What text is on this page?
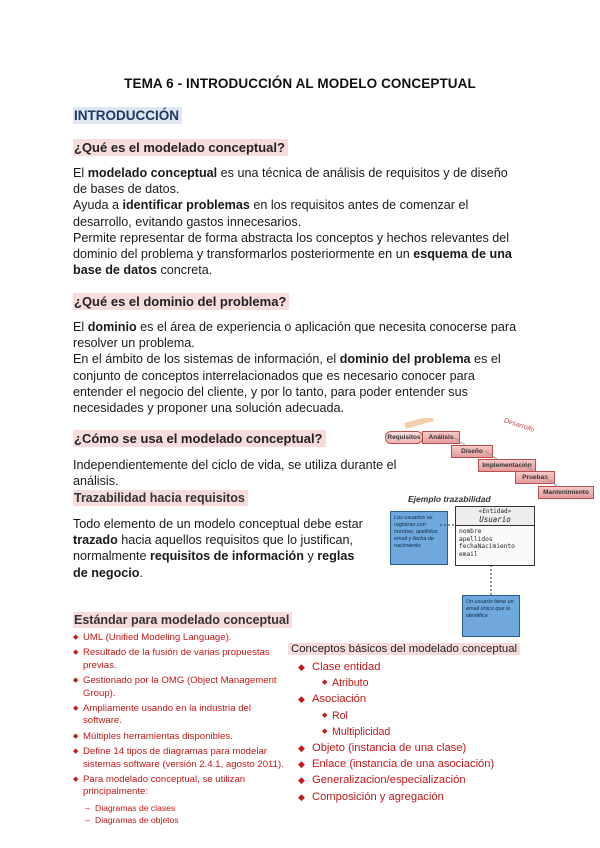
TEMA 6 - INTRODUCCIÓN AL MODELO CONCEPTUAL
INTRODUCCIÓN
¿Qué es el modelado conceptual?
El modelado conceptual es una técnica de análisis de requisitos y de diseño de bases de datos.
Ayuda a identificar problemas en los requisitos antes de comenzar el desarrollo, evitando gastos innecesarios.
Permite representar de forma abstracta los conceptos y hechos relevantes del dominio del problema y transformarlos posteriormente en un esquema de una base de datos concreta.
¿Qué es el dominio del problema?
El dominio es el área de experiencia o aplicación que necesita conocerse para resolver un problema.
En el ámbito de los sistemas de información, el dominio del problema es el conjunto de conceptos interrelacionados que es necesario conocer para entender el negocio del cliente, y por lo tanto, para poder entender sus necesidades y proponer una solución adecuada.
¿Cómo se usa el modelado conceptual?
Independientemente del ciclo de vida, se utiliza durante el análisis.
Requisitos	Análisis
Diseño
Implementación
Pruebas
Mantenimiento
Desarrollo
Trazabilidad hacia requisitos
Todo elemento de un modelo conceptual debe estar trazado hacia aquellos requisitos que lo justifican, normalmente requisitos de información y reglas de negocio.
Ejemplo trazabilidad
Los usuarios se registran con nombre, apellidos, email y fecha de nacimiento
«Entidad»
Usuario
nombre
apellidos
fechaNacimiento
email
Un usuario tiene un email único que lo identifica
Estándar para modelado conceptual
◆ UML (Unified Modeling Language).
◆ Resultado de la fusión de varias propuestas previas.
◆ Gestionado por la OMG (Object Management Group).
◆ Ampliamente usando en la industria del software.
◆ Múltiples herramientas disponibles.
◆ Define 14 tipos de diagramas para modelar sistemas software (versión 2.4.1, agosto 2011).
◆ Para modelado conceptual, se utilizan principalmente:
– Diagramas de clases
– Diagramas de objetos
Conceptos básicos del modelado conceptual
◆ Clase entidad
◆ Atributo
◆ Asociación
◆ Rol
◆ Multiplicidad
◆ Objeto (instancia de una clase)
◆ Enlace (instancia de una asociación)
◆ Generalizacion/especialización
◆ Composición y agregación
